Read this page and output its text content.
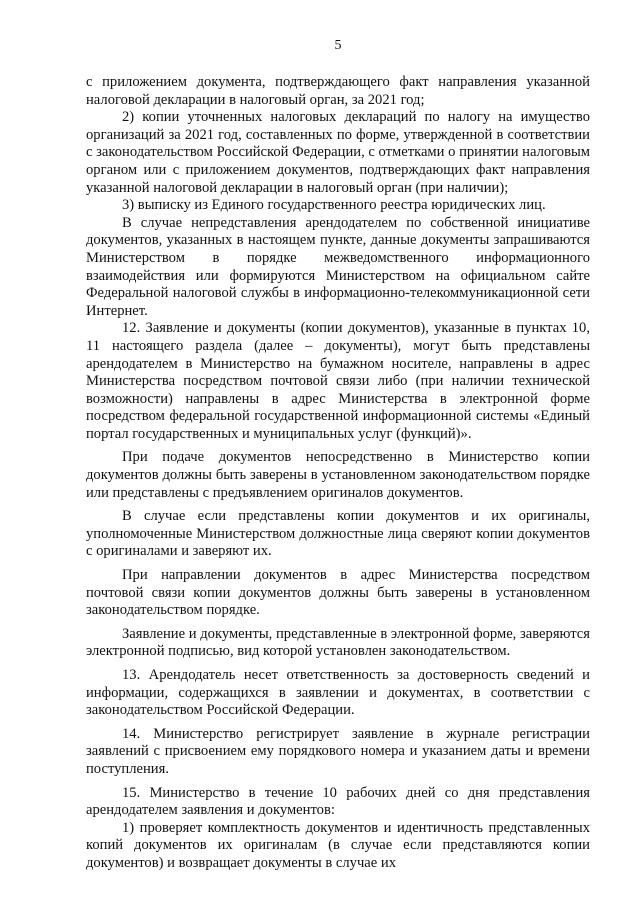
5

с приложением документа, подтверждающего факт направления указанной налоговой декларации в налоговый орган, за 2021 год;

2) копии уточненных налоговых деклараций по налогу на имущество организаций за 2021 год, составленных по форме, утвержденной в соответствии с законодательством Российской Федерации, с отметками о принятии налоговым органом или с приложением документов, подтверждающих факт направления указанной налоговой декларации в налоговый орган (при наличии);

3) выписку из Единого государственного реестра юридических лиц.

В случае непредставления арендодателем по собственной инициативе документов, указанных в настоящем пункте, данные документы запрашиваются Министерством в порядке межведомственного информационного взаимодействия или формируются Министерством на официальном сайте Федеральной налоговой службы в информационно-телекоммуникационной сети Интернет.

12. Заявление и документы (копии документов), указанные в пунктах 10, 11 настоящего раздела (далее – документы), могут быть представлены арендодателем в Министерство на бумажном носителе, направлены в адрес Министерства посредством почтовой связи либо (при наличии технической возможности) направлены в адрес Министерства в электронной форме посредством федеральной государственной информационной системы «Единый портал государственных и муниципальных услуг (функций)».

При подаче документов непосредственно в Министерство копии документов должны быть заверены в установленном законодательством порядке или представлены с предъявлением оригиналов документов.

В случае если представлены копии документов и их оригиналы, уполномоченные Министерством должностные лица сверяют копии документов с оригиналами и заверяют их.

При направлении документов в адрес Министерства посредством почтовой связи копии документов должны быть заверены в установленном законодательством порядке.

Заявление и документы, представленные в электронной форме, заверяются электронной подписью, вид которой установлен законодательством.

13. Арендодатель несет ответственность за достоверность сведений и информации, содержащихся в заявлении и документах, в соответствии с законодательством Российской Федерации.

14. Министерство регистрирует заявление в журнале регистрации заявлений с присвоением ему порядкового номера и указанием даты и времени поступления.

15. Министерство в течение 10 рабочих дней со дня представления арендодателем заявления и документов:

1) проверяет комплектность документов и идентичность представленных копий документов их оригиналам (в случае если представляются копии документов) и возвращает документы в случае их
